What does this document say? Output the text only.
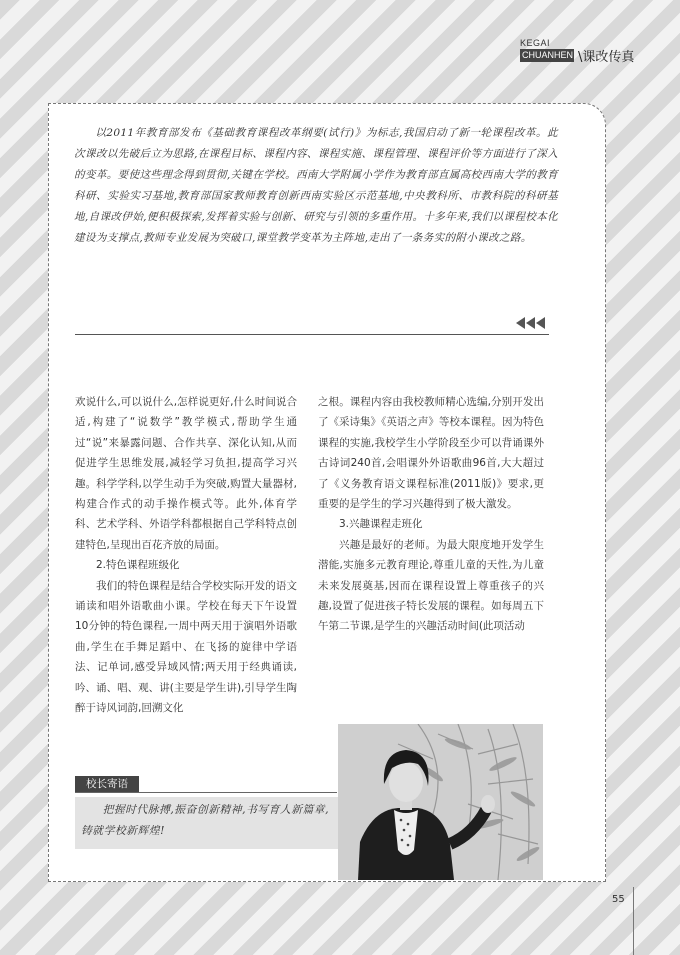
KEGAI
CHUANHEN \课改传真

以2011年教育部发布《基础教育课程改革纲要(试行)》为标志,我国启动了新一轮课程改革。此次课改以先破后立为思路,在课程目标、课程内容、课程实施、课程管理、课程评价等方面进行了深入的变革。要使这些理念得到贯彻,关键在学校。西南大学附属小学作为教育部直属高校西南大学的教育科研、实验实习基地,教育部国家教师教育创新西南实验区示范基地,中央教科所、市教科院的科研基地,自课改伊始,便积极探索,发挥着实验与创新、研究与引领的多重作用。十多年来,我们以课程校本化建设为支撑点,教师专业发展为突破口,课堂教学变革为主阵地,走出了一条务实的附小课改之路。

欢说什么,可以说什么,怎样说更好,什么时间说合适,构建了“说数学”教学模式,帮助学生通过“说”来暴露问题、合作共享、深化认知,从而促进学生思维发展,减轻学习负担,提高学习兴趣。科学学科,以学生动手为突破,购置大量器材,构建合作式的动手操作模式等。此外,体育学科、艺术学科、外语学科都根据自己学科特点创建特色,呈现出百花齐放的局面。

2.特色课程班级化

我们的特色课程是结合学校实际开发的语文诵读和唱外语歌曲小课。学校在每天下午设置10分钟的特色课程,一周中两天用于演唱外语歌曲,学生在手舞足蹈中、在飞扬的旋律中学语法、记单词,感受异域风情;两天用于经典诵读,吟、诵、唱、观、讲(主要是学生讲),引导学生陶醉于诗风词韵,回溯文化

之根。课程内容由我校教师精心选编,分别开发出了《采诗集》《英语之声》等校本课程。因为特色课程的实施,我校学生小学阶段至少可以背诵课外古诗词240首,会唱课外外语歌曲96首,大大超过了《义务教育语文课程标准(2011版)》要求,更重要的是学生的学习兴趣得到了极大激发。

3.兴趣课程走班化

兴趣是最好的老师。为最大限度地开发学生潜能,实施多元教育理论,尊重儿童的天性,为儿童未来发展奠基,因而在课程设置上尊重孩子的兴趣,设置了促进孩子特长发展的课程。如每周五下午第二节课,是学生的兴趣活动时间(此项活动

校长寄语

把握时代脉搏,振奋创新精神,书写育人新篇章,铸就学校新辉煌!

55
